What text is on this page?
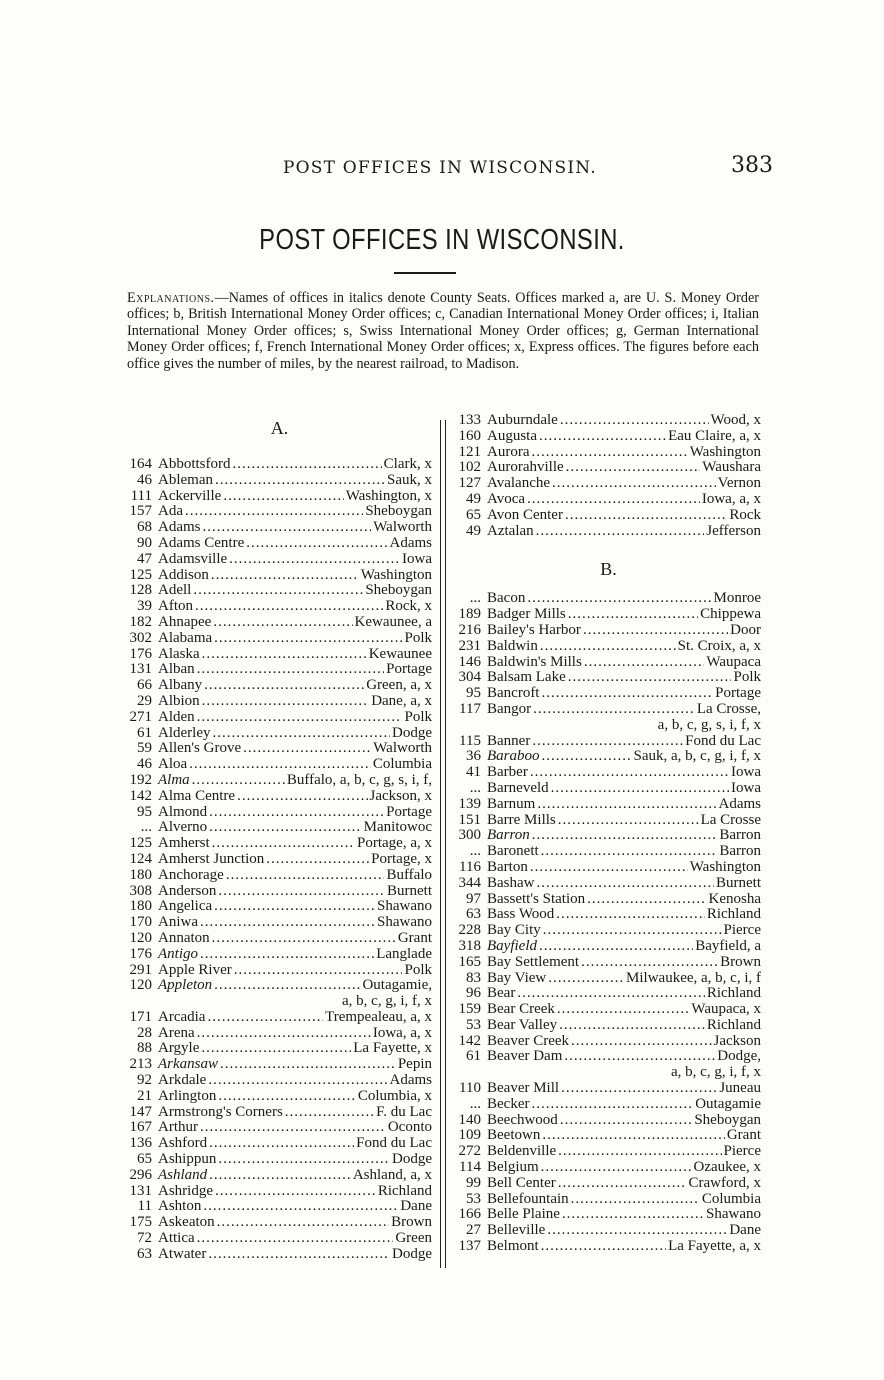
POST OFFICES IN WISCONSIN.	383
POST OFFICES IN WISCONSIN.
Explanations.—Names of offices in italics denote County Seats. Offices marked a, are U. S. Money Order offices; b, British International Money Order offices; c, Canadian International Money Order offices; i, Italian International Money Order offices; s, Swiss International Money Order offices; g, German International Money Order offices; f, French International Money Order offices; x, Express offices. The figures before each office gives the number of miles, by the nearest railroad, to Madison.
A.
164 Abbottsford .....	Clark, x
46 Ableman .....	Sauk, x
111 Ackerville .....	Washington, x
157 Ada .....	Sheboygan
68 Adams .....	Walworth
90 Adams Centre .....	Adams
47 Adamsville .....	Iowa
125 Addison .....	Washington
128 Adell .....	Sheboygan
39 Afton .....	Rock, x
182 Ahnapee .....	Kewaunee, a
302 Alabama .....	Polk
176 Alaska .....	Kewaunee
131 Alban .....	Portage
66 Albany .....	Green, a, x
29 Albion .....	Dane, a, x
271 Alden .....	Polk
61 Alderley .....	Dodge
59 Allen's Grove .....	Walworth
46 Aloa .....	Columbia
192 Alma .....	Buffalo, a, b, c, g, s, i, f,
142 Alma Centre .....	Jackson, x
95 Almond .....	Portage
... Alverno .....	Manitowoc
125 Amherst .....	Portage, a, x
124 Amherst Junction .....	Portage, x
180 Anchorage .....	Buffalo
308 Anderson .....	Burnett
180 Angelica .....	Shawano
170 Aniwa .....	Shawano
120 Annaton .....	Grant
176 Antigo .....	Langlade
291 Apple River .....	Polk
120 Appleton .....	Outagamie,
a, b, c, g, i, f, x
171 Arcadia .....	Trempealeau, a, x
28 Arena .....	Iowa, a, x
88 Argyle .....	La Fayette, x
213 Arkansaw .....	Pepin
92 Arkdale .....	Adams
21 Arlington .....	Columbia, x
147 Armstrong's Corners .....	F. du Lac
167 Arthur .....	Oconto
136 Ashford .....	Fond du Lac
65 Ashippun .....	Dodge
296 Ashland .....	Ashland, a, x
131 Ashridge .....	Richland
11 Ashton .....	Dane
175 Askeaton .....	Brown
72 Attica .....	Green
63 Atwater .....	Dodge
133 Auburndale .....	Wood, x
160 Augusta .....	Eau Claire, a, x
121 Aurora .....	Washington
102 Aurorahville .....	Waushara
127 Avalanche .....	Vernon
49 Avoca .....	Iowa, a, x
65 Avon Center .....	Rock
49 Aztalan .....	Jefferson
B.
... Bacon .....	Monroe
189 Badger Mills .....	Chippewa
216 Bailey's Harbor .....	Door
231 Baldwin .....	St. Croix, a, x
146 Baldwin's Mills .....	Waupaca
304 Balsam Lake .....	Polk
95 Bancroft .....	Portage
117 Bangor .....	La Crosse,
a, b, c, g, s, i, f, x
115 Banner .....	Fond du Lac
36 Baraboo .....	Sauk, a, b, c, g, i, f, x
41 Barber .....	Iowa
... Barneveld .....	Iowa
139 Barnum .....	Adams
151 Barre Mills .....	La Crosse
300 Barron .....	Barron
... Baronett .....	Barron
116 Barton .....	Washington
344 Bashaw .....	Burnett
97 Bassett's Station .....	Kenosha
63 Bass Wood .....	Richland
228 Bay City .....	Pierce
318 Bayfield .....	Bayfield, a
165 Bay Settlement .....	Brown
83 Bay View .....	Milwaukee, a, b, c, i, f
96 Bear .....	Richland
159 Bear Creek .....	Waupaca, x
53 Bear Valley .....	Richland
142 Beaver Creek .....	Jackson
61 Beaver Dam .....	Dodge,
a, b, c, g, i, f, x
110 Beaver Mill .....	Juneau
... Becker .....	Outagamie
140 Beechwood .....	Sheboygan
109 Beetown .....	Grant
272 Beldenville .....	Pierce
114 Belgium .....	Ozaukee, x
99 Bell Center .....	Crawford, x
53 Bellefountain .....	Columbia
166 Belle Plaine .....	Shawano
27 Belleville .....	Dane
137 Belmont .....	La Fayette, a, x
